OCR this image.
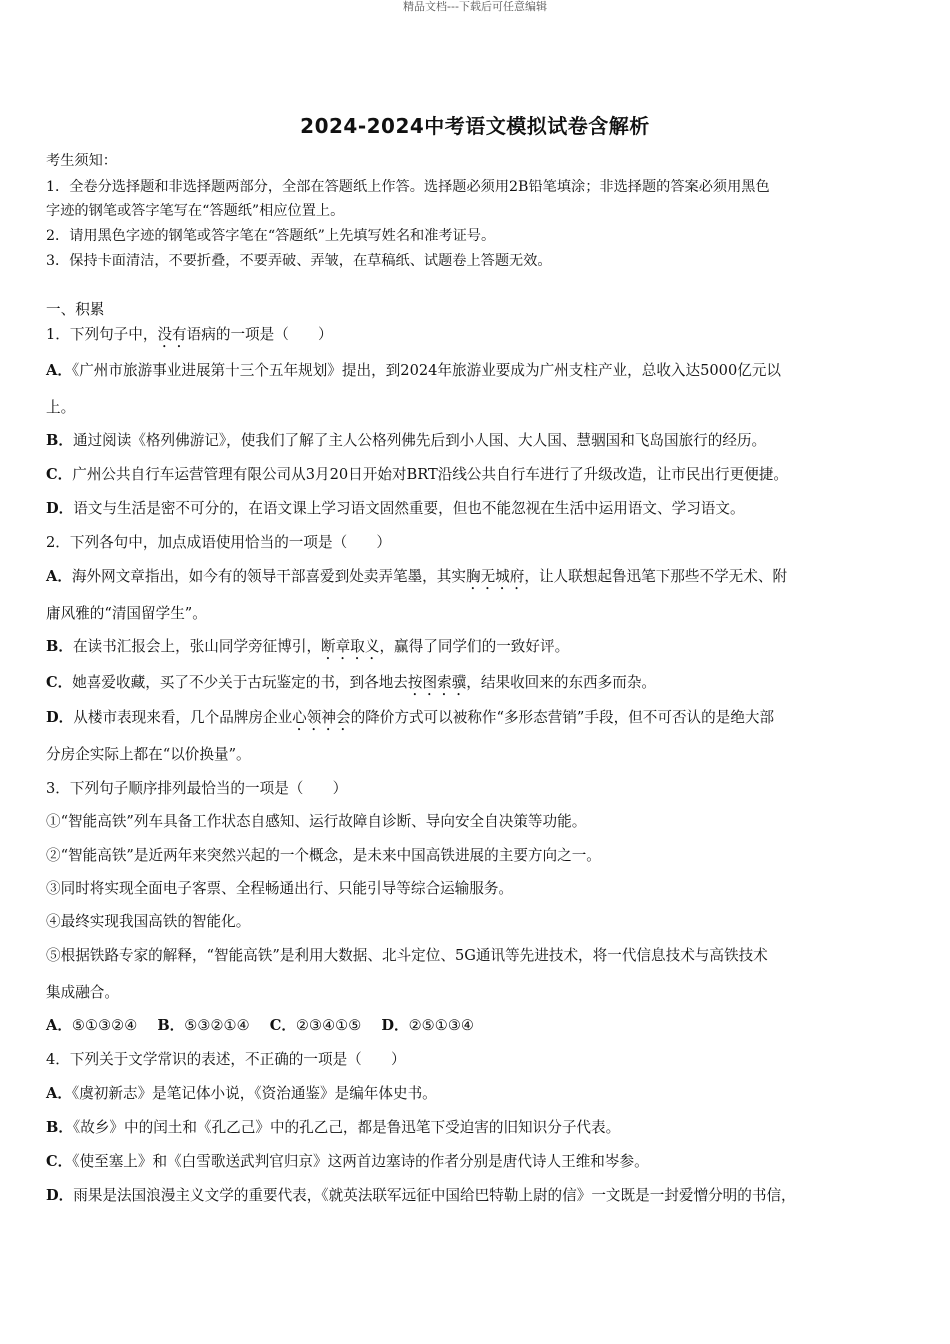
精品文档---下载后可任意编辑
2024-2024中考语文模拟试卷含解析
考生须知：
1．全卷分选择题和非选择题两部分，全部在答题纸上作答。选择题必须用2B铅笔填涂；非选择题的答案必须用黑色
字迹的钢笔或答字笔写在“答题纸”相应位置上。
2．请用黑色字迹的钢笔或答字笔在“答题纸”上先填写姓名和准考证号。
3．保持卡面清洁，不要折叠，不要弄破、弄皱，在草稿纸、试题卷上答题无效。
一、积累
1．下列句子中，没有语病的一项是（　　）
A．《广州市旅游事业进展第十三个五年规划》提出，到2024年旅游业要成为广州支柱产业，总收入达5000亿元以
上。
B．通过阅读《格列佛游记》，使我们了解了主人公格列佛先后到小人国、大人国、慧骃国和飞岛国旅行的经历。
C．广州公共自行车运营管理有限公司从3月20日开始对BRT沿线公共自行车进行了升级改造，让市民出行更便捷。
D．语文与生活是密不可分的，在语文课上学习语文固然重要，但也不能忽视在生活中运用语文、学习语文。
2．下列各句中，加点成语使用恰当的一项是（　　）
A．海外网文章指出，如今有的领导干部喜爱到处卖弄笔墨，其实胸无城府，让人联想起鲁迅笔下那些不学无术、附
庸风雅的“清国留学生”。
B．在读书汇报会上，张山同学旁征博引，断章取义，赢得了同学们的一致好评。
C．她喜爱收藏，买了不少关于古玩鉴定的书，到各地去按图索骥，结果收回来的东西多而杂。
D．从楼市表现来看，几个品牌房企业心领神会的降价方式可以被称作“多形态营销”手段，但不可否认的是绝大部
分房企实际上都在“以价换量”。
3．下列句子顺序排列最恰当的一项是（　　）
①“智能高铁”列车具备工作状态自感知、运行故障自诊断、导向安全自决策等功能。
②“智能高铁”是近两年来突然兴起的一个概念，是未来中国高铁进展的主要方向之一。
③同时将实现全面电子客票、全程畅通出行、只能引导等综合运输服务。
④最终实现我国高铁的智能化。
⑤根据铁路专家的解释，“智能高铁”是利用大数据、北斗定位、5G通讯等先进技术，将一代信息技术与高铁技术
集成融合。
A．⑤①③②④ B．⑤③②①④ C．②③④①⑤ D．②⑤①③④
4．下列关于文学常识的表述，不正确的一项是（　　）
A．《虞初新志》是笔记体小说，《资治通鉴》是编年体史书。
B．《故乡》中的闰土和《孔乙己》中的孔乙己，都是鲁迅笔下受迫害的旧知识分子代表。
C．《使至塞上》和《白雪歌送武判官归京》这两首边塞诗的作者分别是唐代诗人王维和岑参。
D．雨果是法国浪漫主义文学的重要代表，《就英法联军远征中国给巴特勒上尉的信》一文既是一封爱憎分明的书信，
